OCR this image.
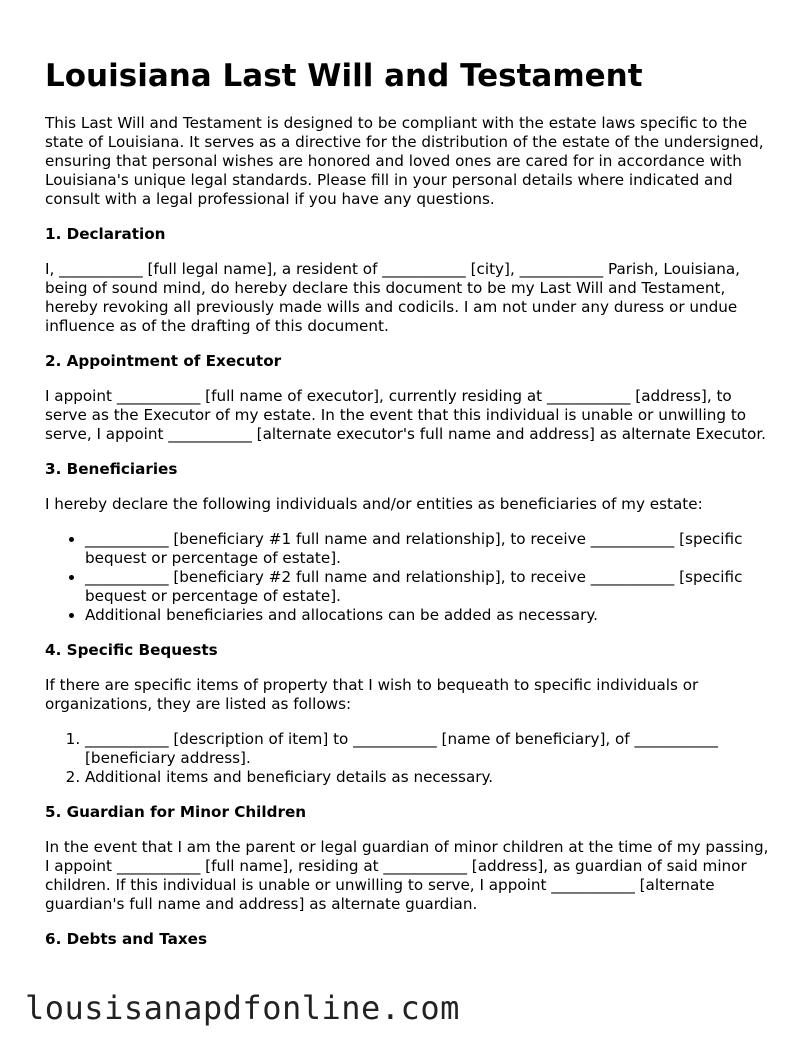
Louisiana Last Will and Testament

This Last Will and Testament is designed to be compliant with the estate laws specific to the state of Louisiana. It serves as a directive for the distribution of the estate of the undersigned, ensuring that personal wishes are honored and loved ones are cared for in accordance with Louisiana's unique legal standards. Please fill in your personal details where indicated and consult with a legal professional if you have any questions.

1. Declaration

I, ___________ [full legal name], a resident of ___________ [city], ___________ Parish, Louisiana, being of sound mind, do hereby declare this document to be my Last Will and Testament, hereby revoking all previously made wills and codicils. I am not under any duress or undue influence as of the drafting of this document.

2. Appointment of Executor

I appoint ___________ [full name of executor], currently residing at ___________ [address], to serve as the Executor of my estate. In the event that this individual is unable or unwilling to serve, I appoint ___________ [alternate executor's full name and address] as alternate Executor.

3. Beneficiaries

I hereby declare the following individuals and/or entities as beneficiaries of my estate:

• ___________ [beneficiary #1 full name and relationship], to receive ___________ [specific bequest or percentage of estate].
• ___________ [beneficiary #2 full name and relationship], to receive ___________ [specific bequest or percentage of estate].
• Additional beneficiaries and allocations can be added as necessary.
4. Specific Bequests

If there are specific items of property that I wish to bequeath to specific individuals or organizations, they are listed as follows:

1. ___________ [description of item] to ___________ [name of beneficiary], of ___________ [beneficiary address].
2. Additional items and beneficiary details as necessary.
5. Guardian for Minor Children

In the event that I am the parent or legal guardian of minor children at the time of my passing, I appoint ___________ [full name], residing at ___________ [address], as guardian of said minor children. If this individual is unable or unwilling to serve, I appoint ___________ [alternate guardian's full name and address] as alternate guardian.

6. Debts and Taxes
lousisanapdfonline.com
